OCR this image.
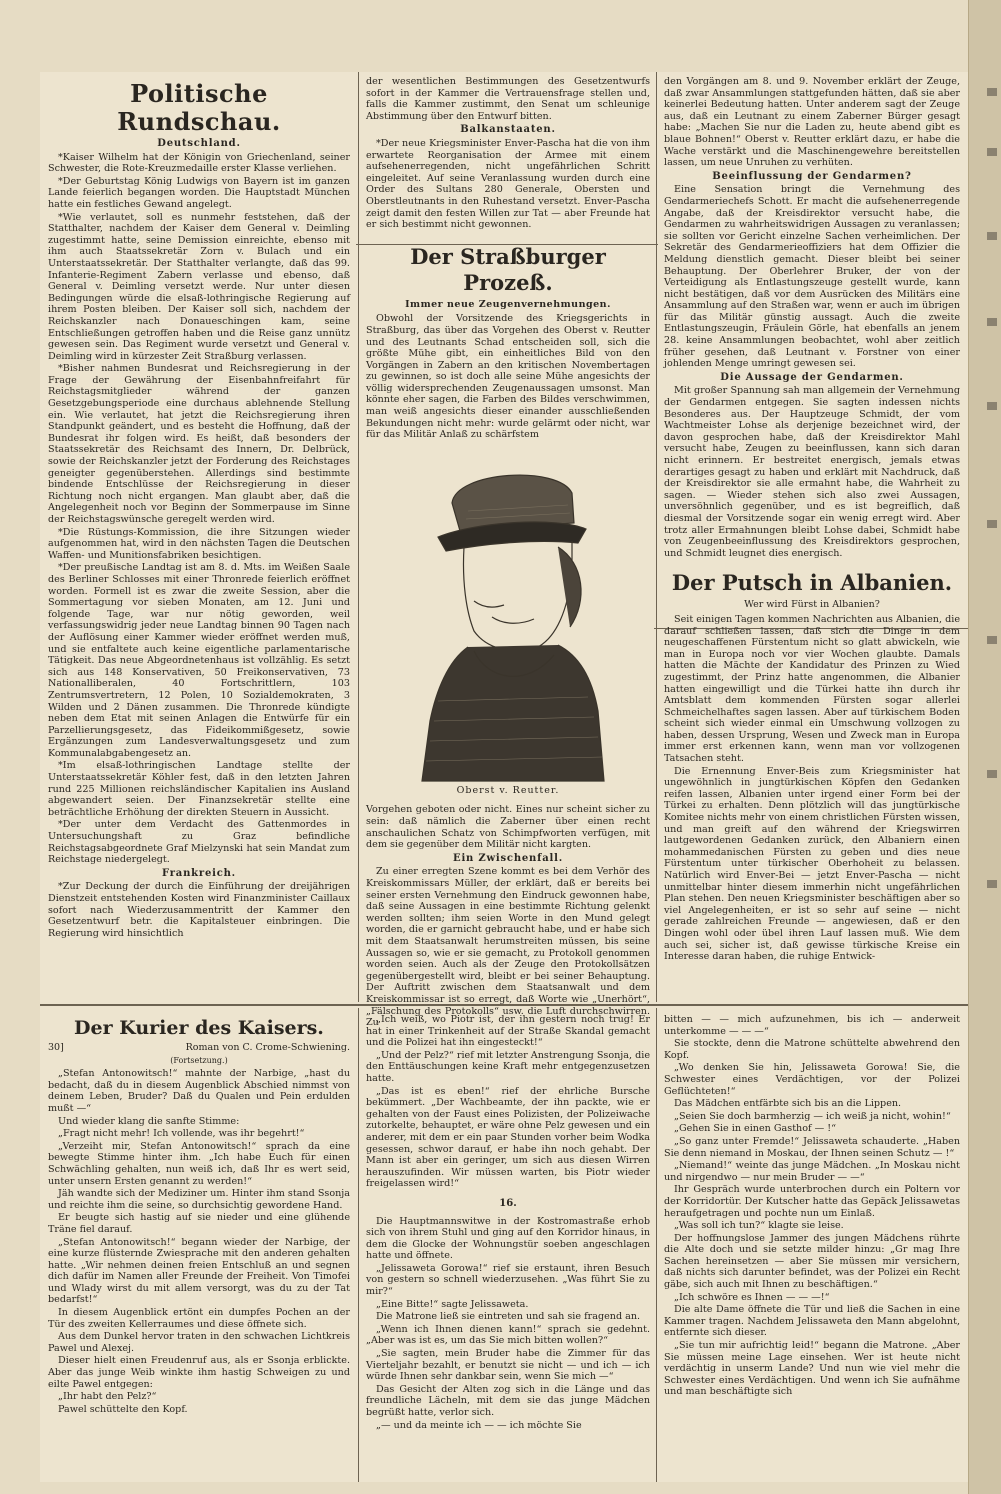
Politische Rundschau.
Deutschland.

*Kaiser Wilhelm hat der Königin von Griechenland, seiner Schwester, die Rote-Kreuzmedaille erster Klasse verliehen.

*Der Geburtstag König Ludwigs von Bayern ist im ganzen Lande feierlich begangen worden. Die Hauptstadt München hatte ein festliches Gewand angelegt.

*Wie verlautet, soll es nunmehr feststehen, daß der Statthalter, nachdem der Kaiser dem General v. Deimling zugestimmt hatte, seine Demission einreichte, ebenso mit ihm auch Staatssekretär Zorn v. Bulach und ein Unterstaatssekretär. Der Statthalter verlangte, daß das 99. Infanterie-Regiment Zabern verlasse und ebenso, daß General v. Deimling versetzt werde. Nur unter diesen Bedingungen würde die elsaß-lothringische Regierung auf ihrem Posten bleiben. Der Kaiser soll sich, nachdem der Reichskanzler nach Donaueschingen kam, seine Entschließungen getroffen haben und die Reise ganz unnütz gewesen sein. Das Regiment wurde versetzt und General v. Deimling wird in kürzester Zeit Straßburg verlassen.

*Bisher nahmen Bundesrat und Reichsregierung in der Frage der Gewährung der Eisenbahnfreifahrt für Reichstagsmitglieder während der ganzen Gesetzgebungsperiode eine durchaus ablehnende Stellung ein. Wie verlautet, hat jetzt die Reichsregierung ihren Standpunkt geändert, und es besteht die Hoffnung, daß der Bundesrat ihr folgen wird. Es heißt, daß besonders der Staatssekretär des Reichsamt des Innern, Dr. Delbrück, sowie der Reichskanzler jetzt der Forderung des Reichstages geneigter gegenüberstehen. Allerdings sind bestimmte bindende Entschlüsse der Reichsregierung in dieser Richtung noch nicht ergangen. Man glaubt aber, daß die Angelegenheit noch vor Beginn der Sommerpause im Sinne der Reichstagswünsche geregelt werden wird.

*Die Rüstungs-Kommission, die ihre Sitzungen wieder aufgenommen hat, wird in den nächsten Tagen die Deutschen Waffen- und Munitionsfabriken besichtigen.

*Der preußische Landtag ist am 8. d. Mts. im Weißen Saale des Berliner Schlosses mit einer Thronrede feierlich eröffnet worden. Formell ist es zwar die zweite Session, aber die Sommertagung vor sieben Monaten, am 12. Juni und folgende Tage, war nur nötig geworden, weil verfassungswidrig jeder neue Landtag binnen 90 Tagen nach der Auflösung einer Kammer wieder eröffnet werden muß, und sie entfaltete auch keine eigentliche parlamentarische Tätigkeit. Das neue Abgeordnetenhaus ist vollzählig. Es setzt sich aus 148 Konservativen, 50 Freikonservativen, 73 Nationalliberalen, 40 Fortschrittlern, 103 Zentrumsvertretern, 12 Polen, 10 Sozialdemokraten, 3 Wilden und 2 Dänen zusammen. Die Thronrede kündigte neben dem Etat mit seinen Anlagen die Entwürfe für ein Parzellierungsgesetz, das Fideikommißgesetz, sowie Ergänzungen zum Landesverwaltungsgesetz und zum Kommunalabgabengesetz an.

*Im elsaß-lothringischen Landtage stellte der Unterstaatssekretär Köhler fest, daß in den letzten Jahren rund 225 Millionen reichsländischer Kapitalien ins Ausland abgewandert seien. Der Finanzsekretär stellte eine beträchtliche Erhöhung der direkten Steuern in Aussicht.

*Der unter dem Verdacht des Gattenmordes in Untersuchungshaft zu Graz befindliche Reichstagsabgeordnete Graf Mielzynski hat sein Mandat zum Reichstage niedergelegt.

Frankreich.

*Zur Deckung der durch die Einführung der dreijährigen Dienstzeit entstehenden Kosten wird Finanzminister Caillaux sofort nach Wiederzusammentritt der Kammer den Gesetzentwurf betr. die Kapitalsteuer einbringen. Die Regierung wird hinsichtlich

der wesentlichen Bestimmungen des Gesetzentwurfs sofort in der Kammer die Vertrauensfrage stellen und, falls die Kammer zustimmt, den Senat um schleunige Abstimmung über den Entwurf bitten.

Balkanstaaten.

*Der neue Kriegsminister Enver-Pascha hat die von ihm erwartete Reorganisation der Armee mit einem aufsehenerregenden, nicht ungefährlichen Schritt eingeleitet. Auf seine Veranlassung wurden durch eine Order des Sultans 280 Generale, Obersten und Oberstleutnants in den Ruhestand versetzt. Enver-Pascha zeigt damit den festen Willen zur Tat — aber Freunde hat er sich bestimmt nicht gewonnen.

Der Straßburger Prozeß.
Immer neue Zeugenvernehmungen.

Obwohl der Vorsitzende des Kriegsgerichts in Straßburg, das über das Vorgehen des Oberst v. Reutter und des Leutnants Schad entscheiden soll, sich die größte Mühe gibt, ein einheitliches Bild von den Vorgängen in Zabern an den kritischen Novembertagen zu gewinnen, so ist doch alle seine Mühe angesichts der völlig widersprechenden Zeugenaussagen umsonst. Man könnte eher sagen, die Farben des Bildes verschwimmen, man weiß angesichts dieser einander ausschließenden Bekundungen nicht mehr: wurde gelärmt oder nicht, war für das Militär Anlaß zu schärfstem

Oberst v. Reutter.

Vorgehen geboten oder nicht. Eines nur scheint sicher zu sein: daß nämlich die Zaberner über einen recht anschaulichen Schatz von Schimpfworten verfügen, mit dem sie gegenüber dem Militär nicht kargten.

Ein Zwischenfall.

Zu einer erregten Szene kommt es bei dem Verhör des Kreiskommissars Müller, der erklärt, daß er bereits bei seiner ersten Vernehmung den Eindruck gewonnen habe, daß seine Aussagen in eine bestimmte Richtung gelenkt werden sollten; ihm seien Worte in den Mund gelegt worden, die er garnicht gebraucht habe, und er habe sich mit dem Staatsanwalt herumstreiten müssen, bis seine Aussagen so, wie er sie gemacht, zu Protokoll genommen worden seien. Auch als der Zeuge den Protokollsätzen gegenübergestellt wird, bleibt er bei seiner Behauptung. Der Auftritt zwischen dem Staatsanwalt und dem Kreiskommissar ist so erregt, daß Worte wie „Unerhört“, „Fälschung des Protokolls“ usw. die Luft durchschwirren. Zu

den Vorgängen am 8. und 9. November erklärt der Zeuge, daß zwar Ansammlungen stattgefunden hätten, daß sie aber keinerlei Bedeutung hatten. Unter anderem sagt der Zeuge aus, daß ein Leutnant zu einem Zaberner Bürger gesagt habe: „Machen Sie nur die Laden zu, heute abend gibt es blaue Bohnen!“ Oberst v. Reutter erklärt dazu, er habe die Wache verstärkt und die Maschinengewehre bereitstellen lassen, um neue Unruhen zu verhüten.

Beeinflussung der Gendarmen?

Eine Sensation bringt die Vernehmung des Gendarmeriechefs Schott. Er macht die aufsehenerregende Angabe, daß der Kreisdirektor versucht habe, die Gendarmen zu wahrheitswidrigen Aussagen zu veranlassen; sie sollten vor Gericht einzelne Sachen verheimlichen. Der Sekretär des Gendarmerieoffiziers hat dem Offizier die Meldung dienstlich gemacht. Dieser bleibt bei seiner Behauptung. Der Oberlehrer Bruker, der von der Verteidigung als Entlastungszeuge gestellt wurde, kann nicht bestätigen, daß vor dem Ausrücken des Militärs eine Ansammlung auf den Straßen war, wenn er auch im übrigen für das Militär günstig aussagt. Auch die zweite Entlastungszeugin, Fräulein Görle, hat ebenfalls an jenem 28. keine Ansammlungen beobachtet, wohl aber zeitlich früher gesehen, daß Leutnant v. Forstner von einer johlenden Menge umringt gewesen sei.

Die Aussage der Gendarmen.

Mit großer Spannung sah man allgemein der Vernehmung der Gendarmen entgegen. Sie sagten indessen nichts Besonderes aus. Der Hauptzeuge Schmidt, der vom Wachtmeister Lohse als derjenige bezeichnet wird, der davon gesprochen habe, daß der Kreisdirektor Mahl versucht habe, Zeugen zu beeinflussen, kann sich daran nicht erinnern. Er bestreitet energisch, jemals etwas derartiges gesagt zu haben und erklärt mit Nachdruck, daß der Kreisdirektor sie alle ermahnt habe, die Wahrheit zu sagen. — Wieder stehen sich also zwei Aussagen, unversöhnlich gegenüber, und es ist begreiflich, daß diesmal der Vorsitzende sogar ein wenig erregt wird. Aber trotz aller Ermahnungen bleibt Lohse dabei, Schmidt habe von Zeugenbeeinflussung des Kreisdirektors gesprochen, und Schmidt leugnet dies energisch.

Der Putsch in Albanien.
Wer wird Fürst in Albanien?

Seit einigen Tagen kommen Nachrichten aus Albanien, die darauf schließen lassen, daß sich die Dinge in dem neugeschaffenen Fürstentum nicht so glatt abwickeln, wie man in Europa noch vor vier Wochen glaubte. Damals hatten die Mächte der Kandidatur des Prinzen zu Wied zugestimmt, der Prinz hatte angenommen, die Albanier hatten eingewilligt und die Türkei hatte ihn durch ihr Amtsblatt dem kommenden Fürsten sogar allerlei Schmeichelhaftes sagen lassen. Aber auf türkischem Boden scheint sich wieder einmal ein Umschwung vollzogen zu haben, dessen Ursprung, Wesen und Zweck man in Europa immer erst erkennen kann, wenn man vor vollzogenen Tatsachen steht.

Die Ernennung Enver-Beis zum Kriegsminister hat ungewöhnlich in jungtürkischen Köpfen den Gedanken reifen lassen, Albanien unter irgend einer Form bei der Türkei zu erhalten. Denn plötzlich will das jungtürkische Komitee nichts mehr von einem christlichen Fürsten wissen, und man greift auf den während der Kriegswirren lautgewordenen Gedanken zurück, den Albaniern einen mohammedanischen Fürsten zu geben und dies neue Fürstentum unter türkischer Oberhoheit zu belassen. Natürlich wird Enver-Bei — jetzt Enver-Pascha — nicht unmittelbar hinter diesem immerhin nicht ungefährlichen Plan stehen. Den neuen Kriegsminister beschäftigen aber so viel Angelegenheiten, er ist so sehr auf seine — nicht gerade zahlreichen Freunde — angewiesen, daß er den Dingen wohl oder übel ihren Lauf lassen muß. Wie dem auch sei, sicher ist, daß gewisse türkische Kreise ein Interesse daran haben, die ruhige Entwick-

Der Kurier des Kaisers.
30]	Roman von C. Crome-Schwiening.
(Fortsetzung.)

„Stefan Antonowitsch!“ mahnte der Narbige, „hast du bedacht, daß du in diesem Augenblick Abschied nimmst von deinem Leben, Bruder? Daß du Qualen und Pein erdulden mußt —“

Und wieder klang die sanfte Stimme:

„Fragt nicht mehr! Ich vollende, was ihr begehrt!“

„Verzeiht mir, Stefan Antonowitsch!“ sprach da eine bewegte Stimme hinter ihm. „Ich habe Euch für einen Schwächling gehalten, nun weiß ich, daß Ihr es wert seid, unter unsern Ersten genannt zu werden!“

Jäh wandte sich der Mediziner um. Hinter ihm stand Ssonja und reichte ihm die seine, so durchsichtig gewordene Hand.

Er beugte sich hastig auf sie nieder und eine glühende Träne fiel darauf.

„Stefan Antonowitsch!“ begann wieder der Narbige, der eine kurze flüsternde Zwiesprache mit den anderen gehalten hatte. „Wir nehmen deinen freien Entschluß an und segnen dich dafür im Namen aller Freunde der Freiheit. Von Timofei und Wlady wirst du mit allem versorgt, was du zu der Tat bedarfst!“

In diesem Augenblick ertönt ein dumpfes Pochen an der Tür des zweiten Kellerraumes und diese öffnete sich.

Aus dem Dunkel hervor traten in den schwachen Lichtkreis Pawel und Alexej.

Dieser hielt einen Freudenruf aus, als er Ssonja erblickte. Aber das junge Weib winkte ihm hastig Schweigen zu und eilte Pawel entgegen:

„Ihr habt den Pelz?“

Pawel schüttelte den Kopf.

„Ich weiß, wo Piotr ist, der ihn gestern noch trug! Er hat in einer Trinkenheit auf der Straße Skandal gemacht und die Polizei hat ihn eingesteckt!“

„Und der Pelz?“ rief mit letzter Anstrengung Ssonja, die den Enttäuschungen keine Kraft mehr entgegenzusetzen hatte.

„Das ist es eben!“ rief der ehrliche Bursche bekümmert. „Der Wachbeamte, der ihn packte, wie er gehalten von der Faust eines Polizisten, der Polizeiwache zutorkelte, behauptet, er wäre ohne Pelz gewesen und ein anderer, mit dem er ein paar Stunden vorher beim Wodka gesessen, schwor darauf, er habe ihn noch gehabt. Der Mann ist aber ein geringer, um sich aus diesen Wirren herauszufinden. Wir müssen warten, bis Piotr wieder freigelassen wird!“

16.

Die Hauptmannswitwe in der Kostromastraße erhob sich von ihrem Stuhl und ging auf den Korridor hinaus, in dem die Glocke der Wohnungstür soeben angeschlagen hatte und öffnete.

„Jelissaweta Gorowa!“ rief sie erstaunt, ihren Besuch von gestern so schnell wiederzusehen. „Was führt Sie zu mir?“

„Eine Bitte!“ sagte Jelissaweta.

Die Matrone ließ sie eintreten und sah sie fragend an.

„Wenn ich Ihnen dienen kann!“ sprach sie gedehnt. „Aber was ist es, um das Sie mich bitten wollen?“

„Sie sagten, mein Bruder habe die Zimmer für das Vierteljahr bezahlt, er benutzt sie nicht — und ich — ich würde Ihnen sehr dankbar sein, wenn Sie mich —“

Das Gesicht der Alten zog sich in die Länge und das freundliche Lächeln, mit dem sie das junge Mädchen begrüßt hatte, verlor sich.

„— und da meinte ich — — ich möchte Sie

bitten — — mich aufzunehmen, bis ich — anderweit unterkomme — — —“

Sie stockte, denn die Matrone schüttelte abwehrend den Kopf.

„Wo denken Sie hin, Jelissaweta Gorowa! Sie, die Schwester eines Verdächtigen, vor der Polizei Geflüchteten!“

Das Mädchen entfärbte sich bis an die Lippen.

„Seien Sie doch barmherzig — ich weiß ja nicht, wohin!“

„Gehen Sie in einen Gasthof — !“

„So ganz unter Fremde!“ Jelissaweta schauderte. „Haben Sie denn niemand in Moskau, der Ihnen seinen Schutz — !“

„Niemand!“ weinte das junge Mädchen. „In Moskau nicht und nirgendwo — nur mein Bruder — —“

Ihr Gespräch wurde unterbrochen durch ein Poltern vor der Korridortür. Der Kutscher hatte das Gepäck Jelissawetas heraufgetragen und pochte nun um Einlaß.

„Was soll ich tun?“ klagte sie leise.

Der hoffnungslose Jammer des jungen Mädchens rührte die Alte doch und sie setzte milder hinzu: „Gr mag Ihre Sachen hereinsetzen — aber Sie müssen mir versichern, daß nichts sich darunter befindet, was der Polizei ein Recht gäbe, sich auch mit Ihnen zu beschäftigen.“

„Ich schwöre es Ihnen — — —!“

Die alte Dame öffnete die Tür und ließ die Sachen in eine Kammer tragen. Nachdem Jelissaweta den Mann abgelohnt, entfernte sich dieser.

„Sie tun mir aufrichtig leid!“ begann die Matrone. „Aber Sie müssen meine Lage einsehen. Wer ist heute nicht verdächtig in unserm Lande? Und nun wie viel mehr die Schwester eines Verdächtigen. Und wenn ich Sie aufnähme und man beschäftigte sich
